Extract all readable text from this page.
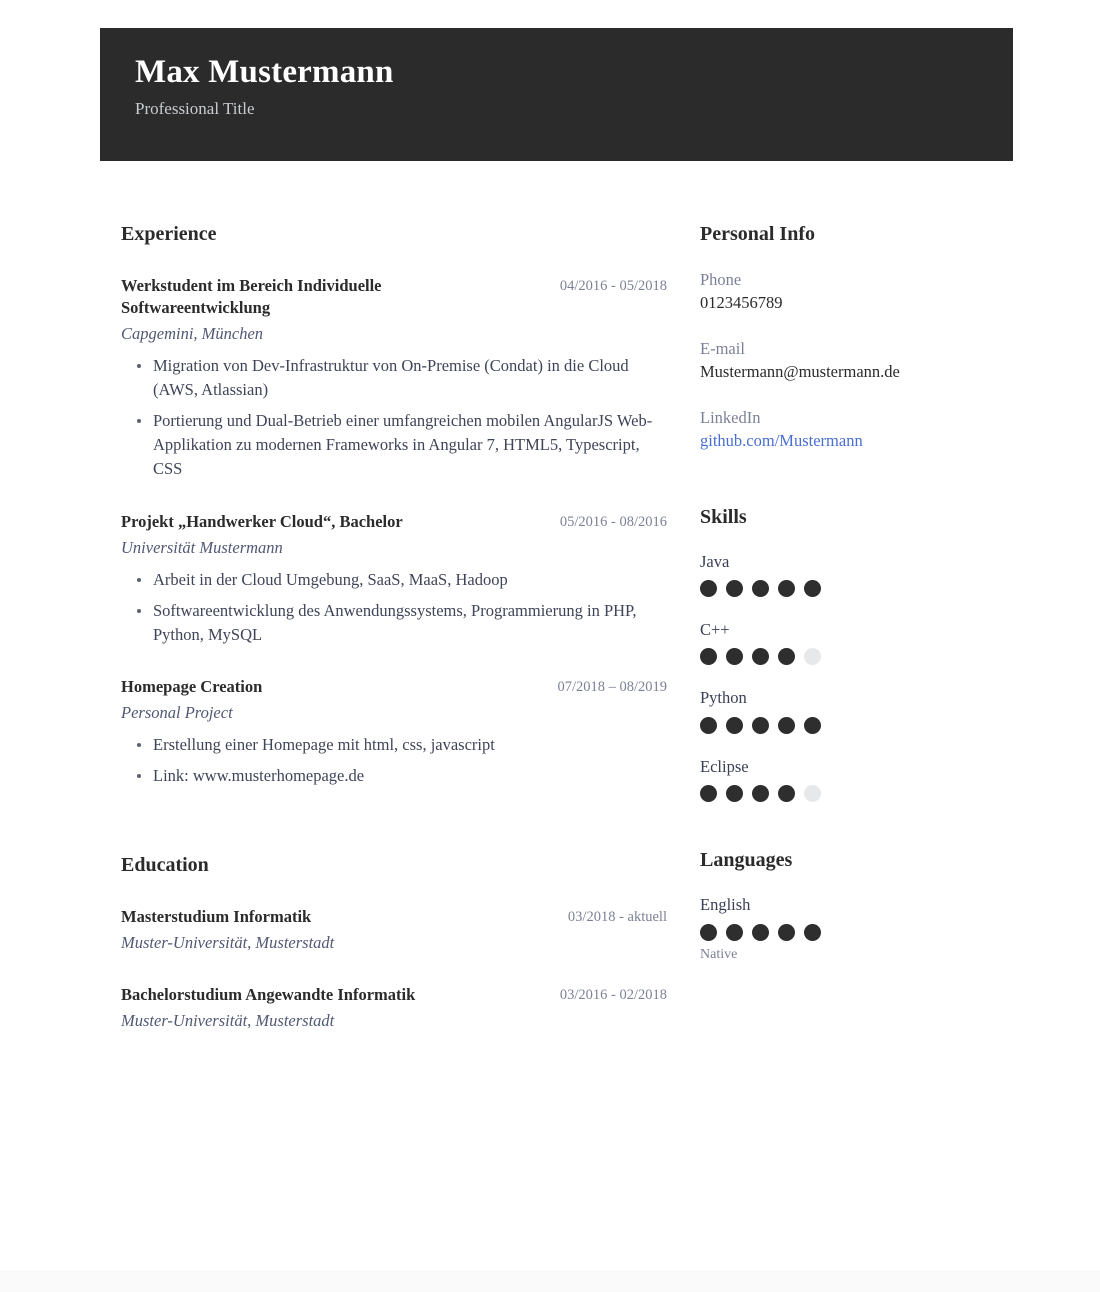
Max Mustermann
Professional Title
Experience
Werkstudent im Bereich Individuelle Softwareentwicklung
04/2016 - 05/2018
Capgemini, München
Migration von Dev-Infrastruktur von On-Premise (Condat) in die Cloud (AWS, Atlassian)
Portierung und Dual-Betrieb einer umfangreichen mobilen AngularJS Web-Applikation zu modernen Frameworks in Angular 7, HTML5, Typescript, CSS
Projekt „Handwerker Cloud“, Bachelor	05/2016 - 08/2016
Universität Mustermann
Arbeit in der Cloud Umgebung, SaaS, MaaS, Hadoop
Softwareentwicklung des Anwendungssystems, Programmierung in PHP, Python, MySQL
Homepage Creation	07/2018 – 08/2019
Personal Project
Erstellung einer Homepage mit html, css, javascript
Link: www.musterhomepage.de
Education
Masterstudium Informatik	03/2018 - aktuell
Muster-Universität, Musterstadt
Bachelorstudium Angewandte Informatik	03/2016 - 02/2018
Muster-Universität, Musterstadt
Personal Info
Phone
0123456789
E-mail
Mustermann@mustermann.de
LinkedIn
github.com/Mustermann
Skills
Java
C++
Python
Eclipse
Languages
English
Native
